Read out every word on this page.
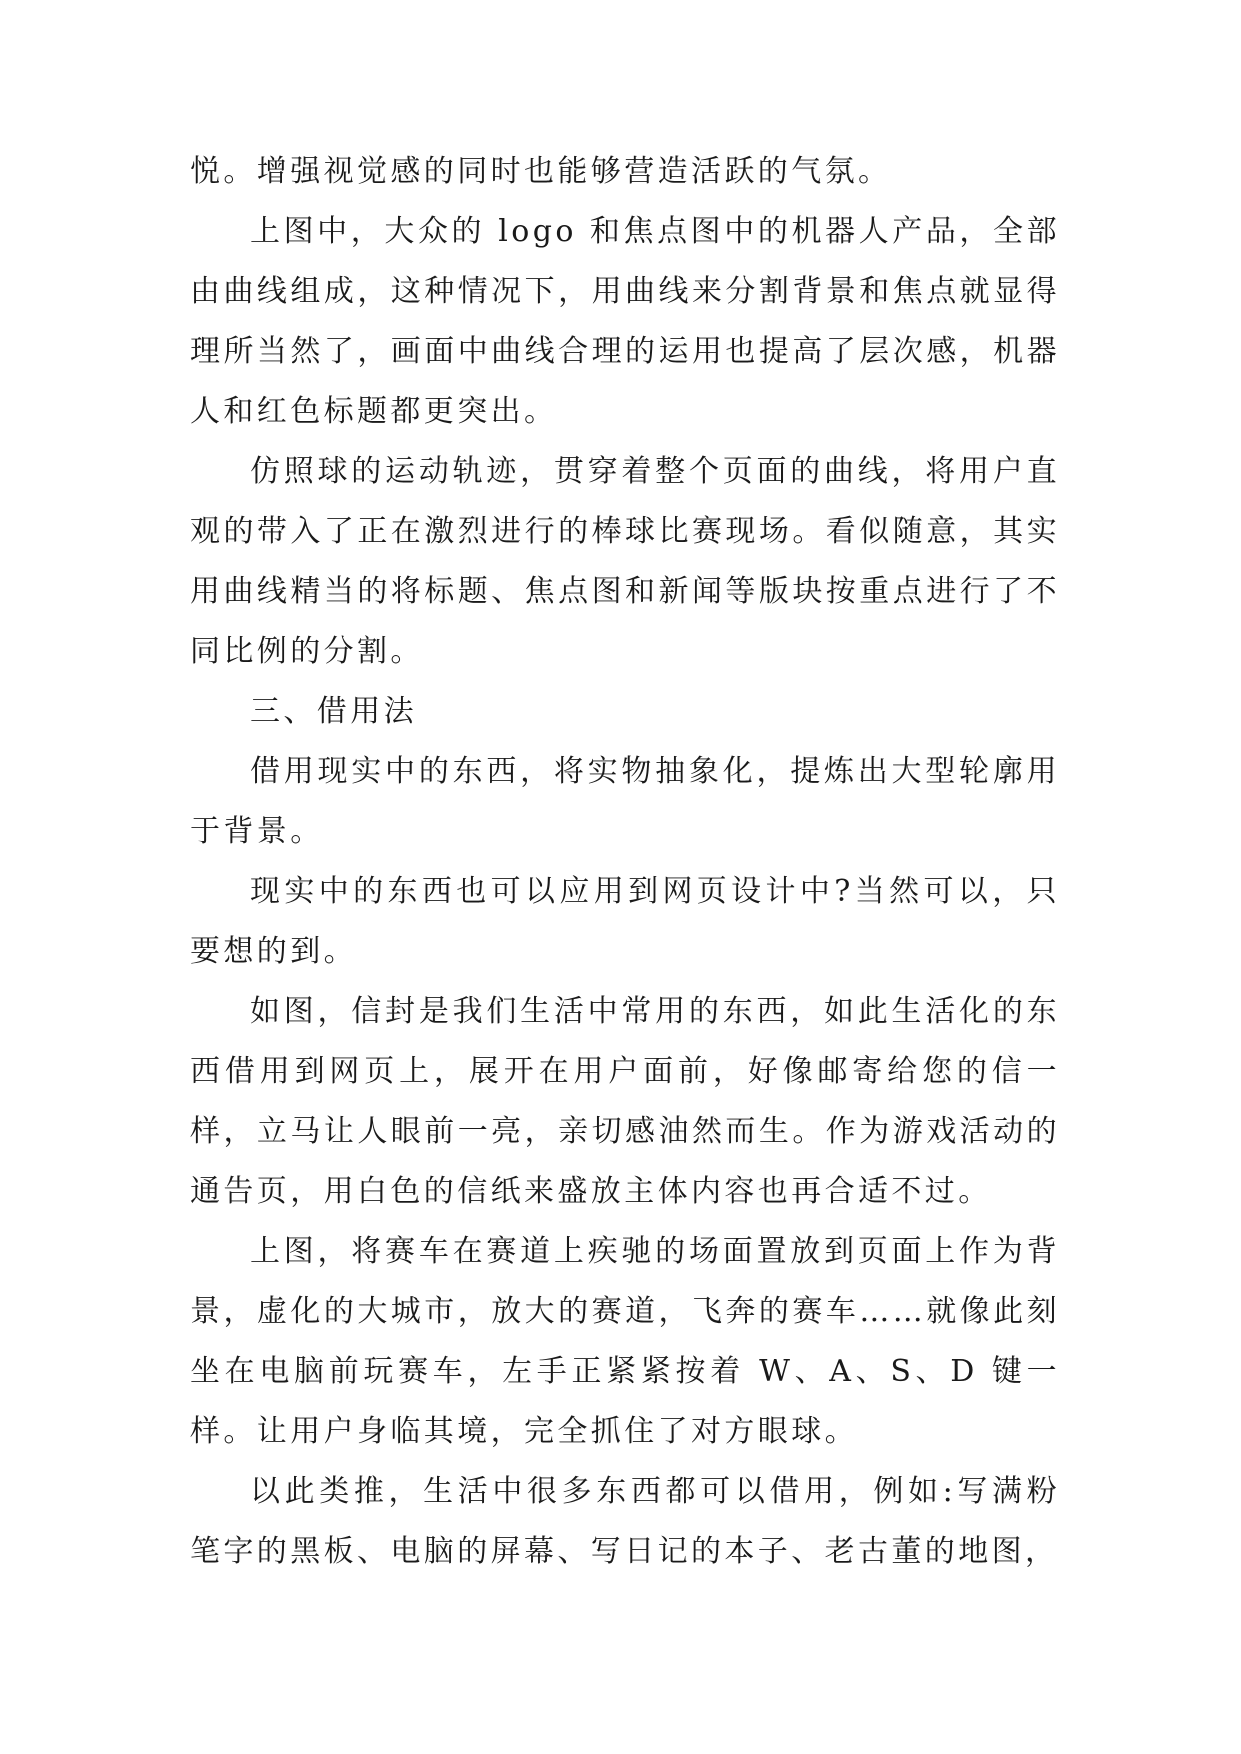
悦。增强视觉感的同时也能够营造活跃的气氛。

上图中，大众的 logo 和焦点图中的机器人产品，全部由曲线组成，这种情况下，用曲线来分割背景和焦点就显得理所当然了，画面中曲线合理的运用也提高了层次感，机器人和红色标题都更突出。

仿照球的运动轨迹，贯穿着整个页面的曲线，将用户直观的带入了正在激烈进行的棒球比赛现场。看似随意，其实用曲线精当的将标题、焦点图和新闻等版块按重点进行了不同比例的分割。

三、借用法

借用现实中的东西，将实物抽象化，提炼出大型轮廓用于背景。

现实中的东西也可以应用到网页设计中?当然可以，只要想的到。

如图，信封是我们生活中常用的东西，如此生活化的东西借用到网页上，展开在用户面前，好像邮寄给您的信一样，立马让人眼前一亮，亲切感油然而生。作为游戏活动的通告页，用白色的信纸来盛放主体内容也再合适不过。

上图，将赛车在赛道上疾驰的场面置放到页面上作为背景，虚化的大城市，放大的赛道，飞奔的赛车……就像此刻坐在电脑前玩赛车，左手正紧紧按着 W、A、S、D 键一样。让用户身临其境，完全抓住了对方眼球。

以此类推，生活中很多东西都可以借用，例如:写满粉笔字的黑板、电脑的屏幕、写日记的本子、老古董的地图，
